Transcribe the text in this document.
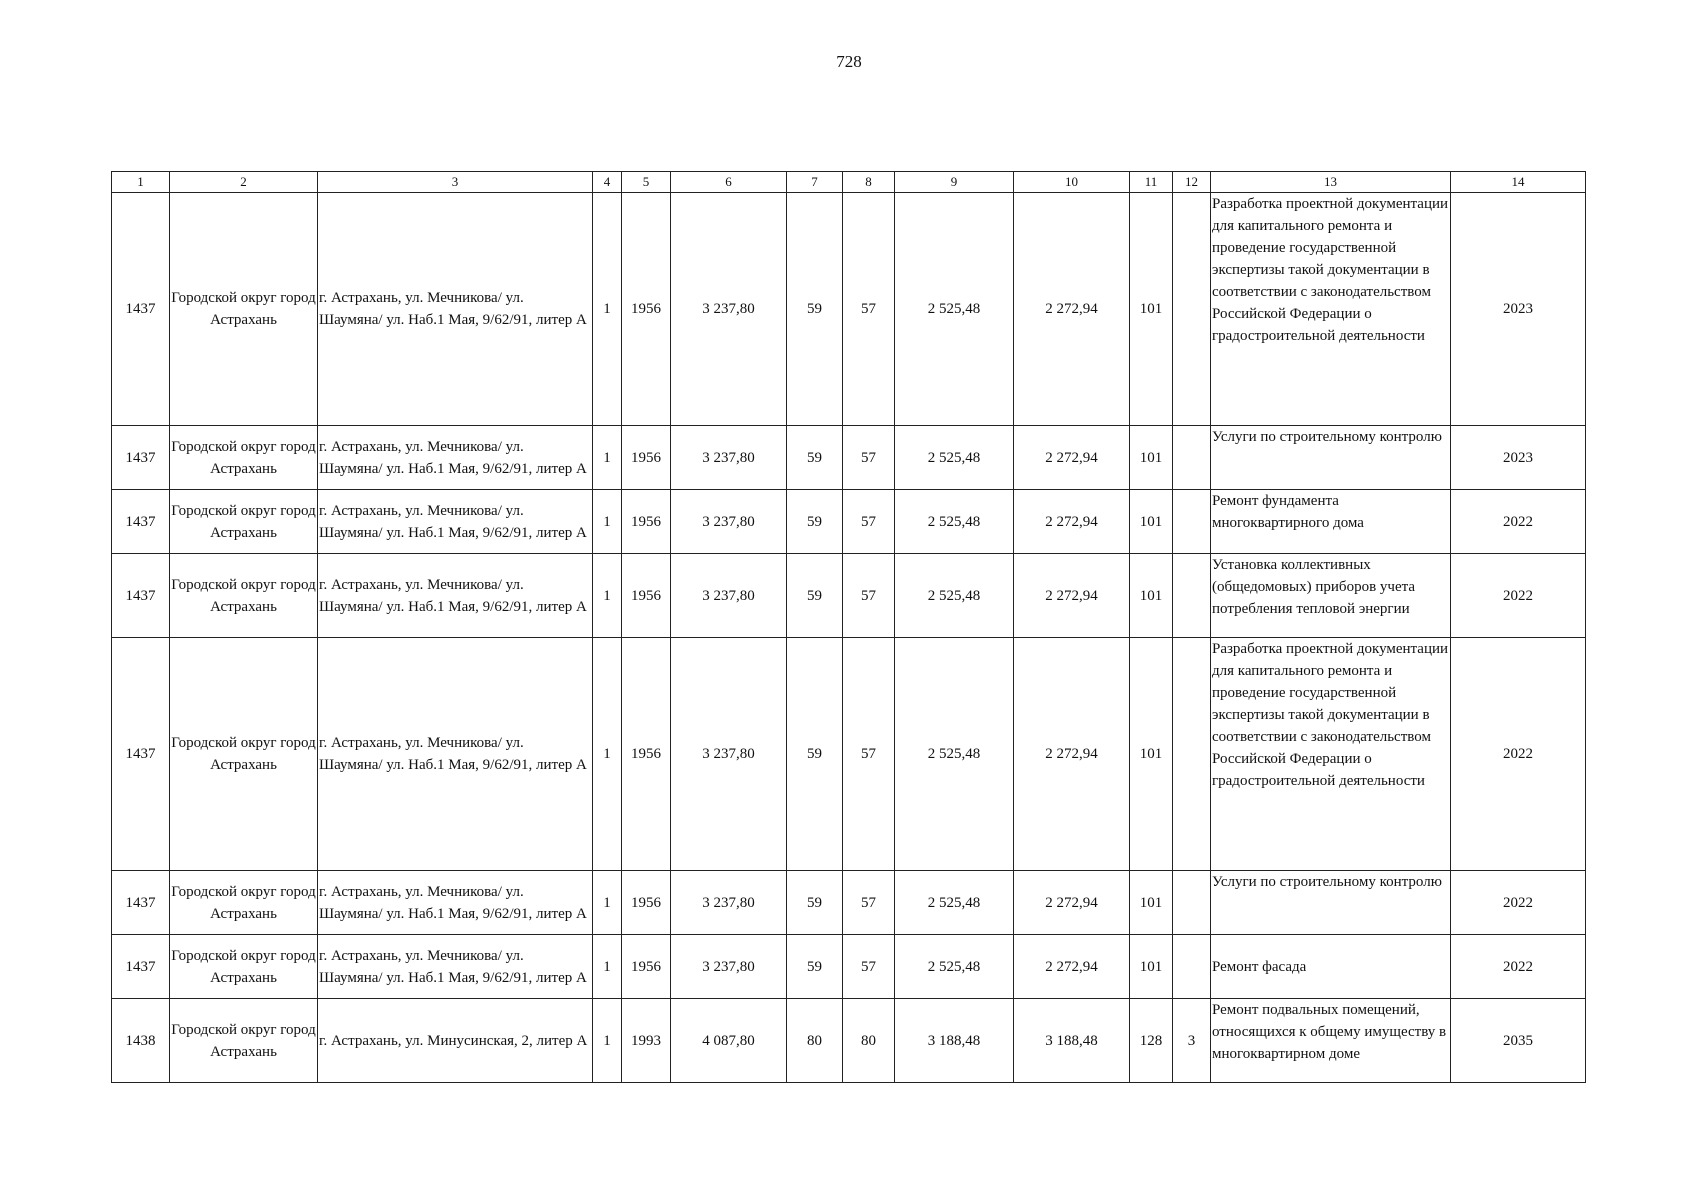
728
1	2	3	4	5	6	7	8	9	10	11	12	13	14
1437	Городской округ город Астрахань	г. Астрахань, ул. Мечникова/ ул. Шаумяна/ ул. Наб.1 Мая, 9/62/91, литер А	1	1956	3 237,80	59	57	2 525,48	2 272,94	101		Разработка проектной документации для капитального ремонта и проведение государственной экспертизы такой документации в соответствии с законодательством Российской Федерации о градостроительной деятельности	2023
1437	Городской округ город Астрахань	г. Астрахань, ул. Мечникова/ ул. Шаумяна/ ул. Наб.1 Мая, 9/62/91, литер А	1	1956	3 237,80	59	57	2 525,48	2 272,94	101		Услуги по строительному контролю	2023
1437	Городской округ город Астрахань	г. Астрахань, ул. Мечникова/ ул. Шаумяна/ ул. Наб.1 Мая, 9/62/91, литер А	1	1956	3 237,80	59	57	2 525,48	2 272,94	101		Ремонт фундамента многоквартирного дома	2022
1437	Городской округ город Астрахань	г. Астрахань, ул. Мечникова/ ул. Шаумяна/ ул. Наб.1 Мая, 9/62/91, литер А	1	1956	3 237,80	59	57	2 525,48	2 272,94	101		Установка коллективных (общедомовых) приборов учета потребления тепловой энергии	2022
1437	Городской округ город Астрахань	г. Астрахань, ул. Мечникова/ ул. Шаумяна/ ул. Наб.1 Мая, 9/62/91, литер А	1	1956	3 237,80	59	57	2 525,48	2 272,94	101		Разработка проектной документации для капитального ремонта и проведение государственной экспертизы такой документации в соответствии с законодательством Российской Федерации о градостроительной деятельности	2022
1437	Городской округ город Астрахань	г. Астрахань, ул. Мечникова/ ул. Шаумяна/ ул. Наб.1 Мая, 9/62/91, литер А	1	1956	3 237,80	59	57	2 525,48	2 272,94	101		Услуги по строительному контролю	2022
1437	Городской округ город Астрахань	г. Астрахань, ул. Мечникова/ ул. Шаумяна/ ул. Наб.1 Мая, 9/62/91, литер А	1	1956	3 237,80	59	57	2 525,48	2 272,94	101		Ремонт фасада	2022
1438	Городской округ город Астрахань	г. Астрахань, ул. Минусинская, 2, литер А	1	1993	4 087,80	80	80	3 188,48	3 188,48	128	3	Ремонт подвальных помещений, относящихся к общему имуществу в многоквартирном доме	2035
